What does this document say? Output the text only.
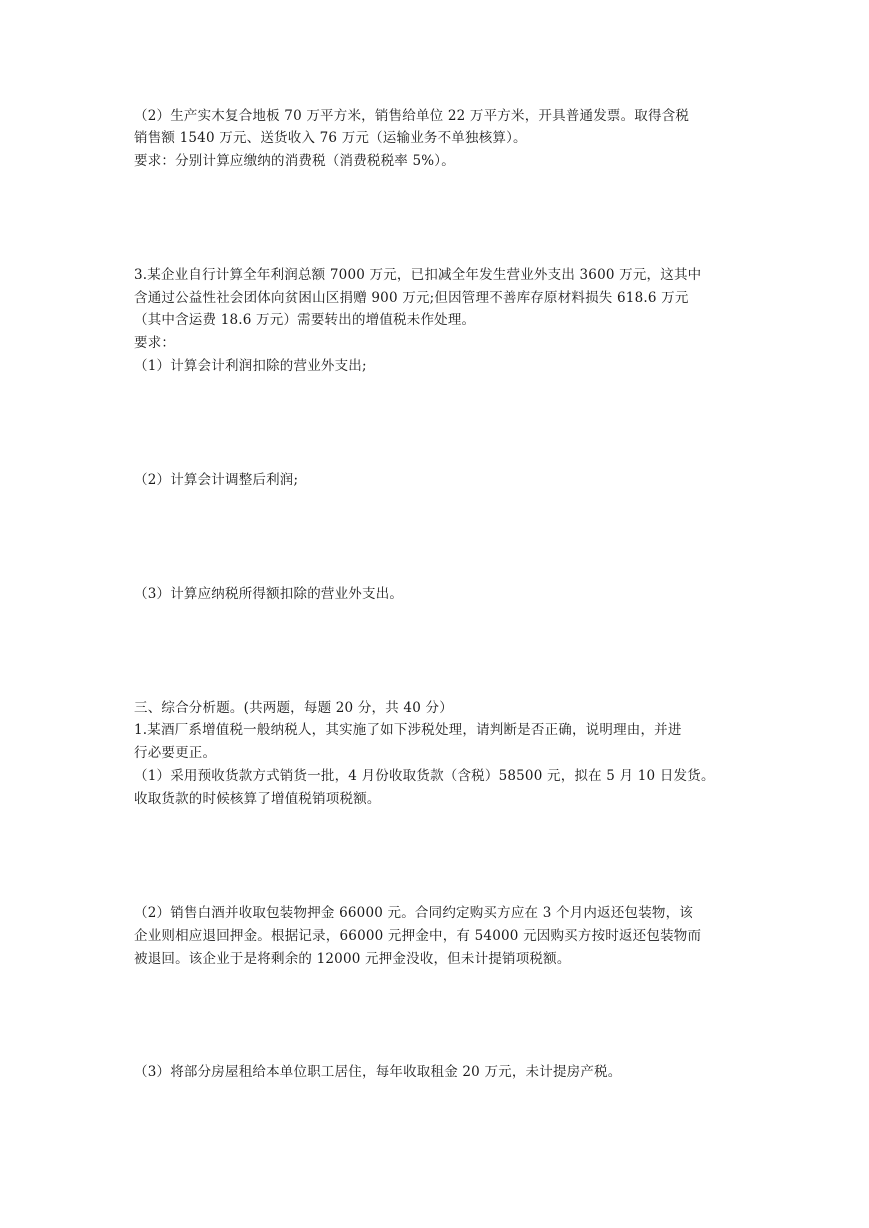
（2）生产实木复合地板 70 万平方米，销售给单位 22 万平方米，开具普通发票。取得含税
销售额 1540 万元、送货收入 76 万元（运输业务不单独核算）。
要求：分别计算应缴纳的消费税（消费税税率 5%）。
3.某企业自行计算全年利润总额 7000 万元，已扣减全年发生营业外支出 3600 万元，这其中
含通过公益性社会团体向贫困山区捐赠 900 万元;但因管理不善库存原材料损失 618.6 万元
（其中含运费 18.6 万元）需要转出的增值税未作处理。
要求：
（1）计算会计利润扣除的营业外支出;
（2）计算会计调整后利润;
（3）计算应纳税所得额扣除的营业外支出。
三、综合分析题。(共两题，每题 20 分，共 40 分）
1.某酒厂系增值税一般纳税人，其实施了如下涉税处理，请判断是否正确，说明理由，并进
行必要更正。
（1）采用预收货款方式销货一批，4 月份收取货款（含税）58500 元，拟在 5 月 10 日发货。
收取货款的时候核算了增值税销项税额。
（2）销售白酒并收取包装物押金 66000 元。合同约定购买方应在 3 个月内返还包装物，该
企业则相应退回押金。根据记录，66000 元押金中，有 54000 元因购买方按时返还包装物而
被退回。该企业于是将剩余的 12000 元押金没收，但未计提销项税额。
（3）将部分房屋租给本单位职工居住，每年收取租金 20 万元，未计提房产税。
